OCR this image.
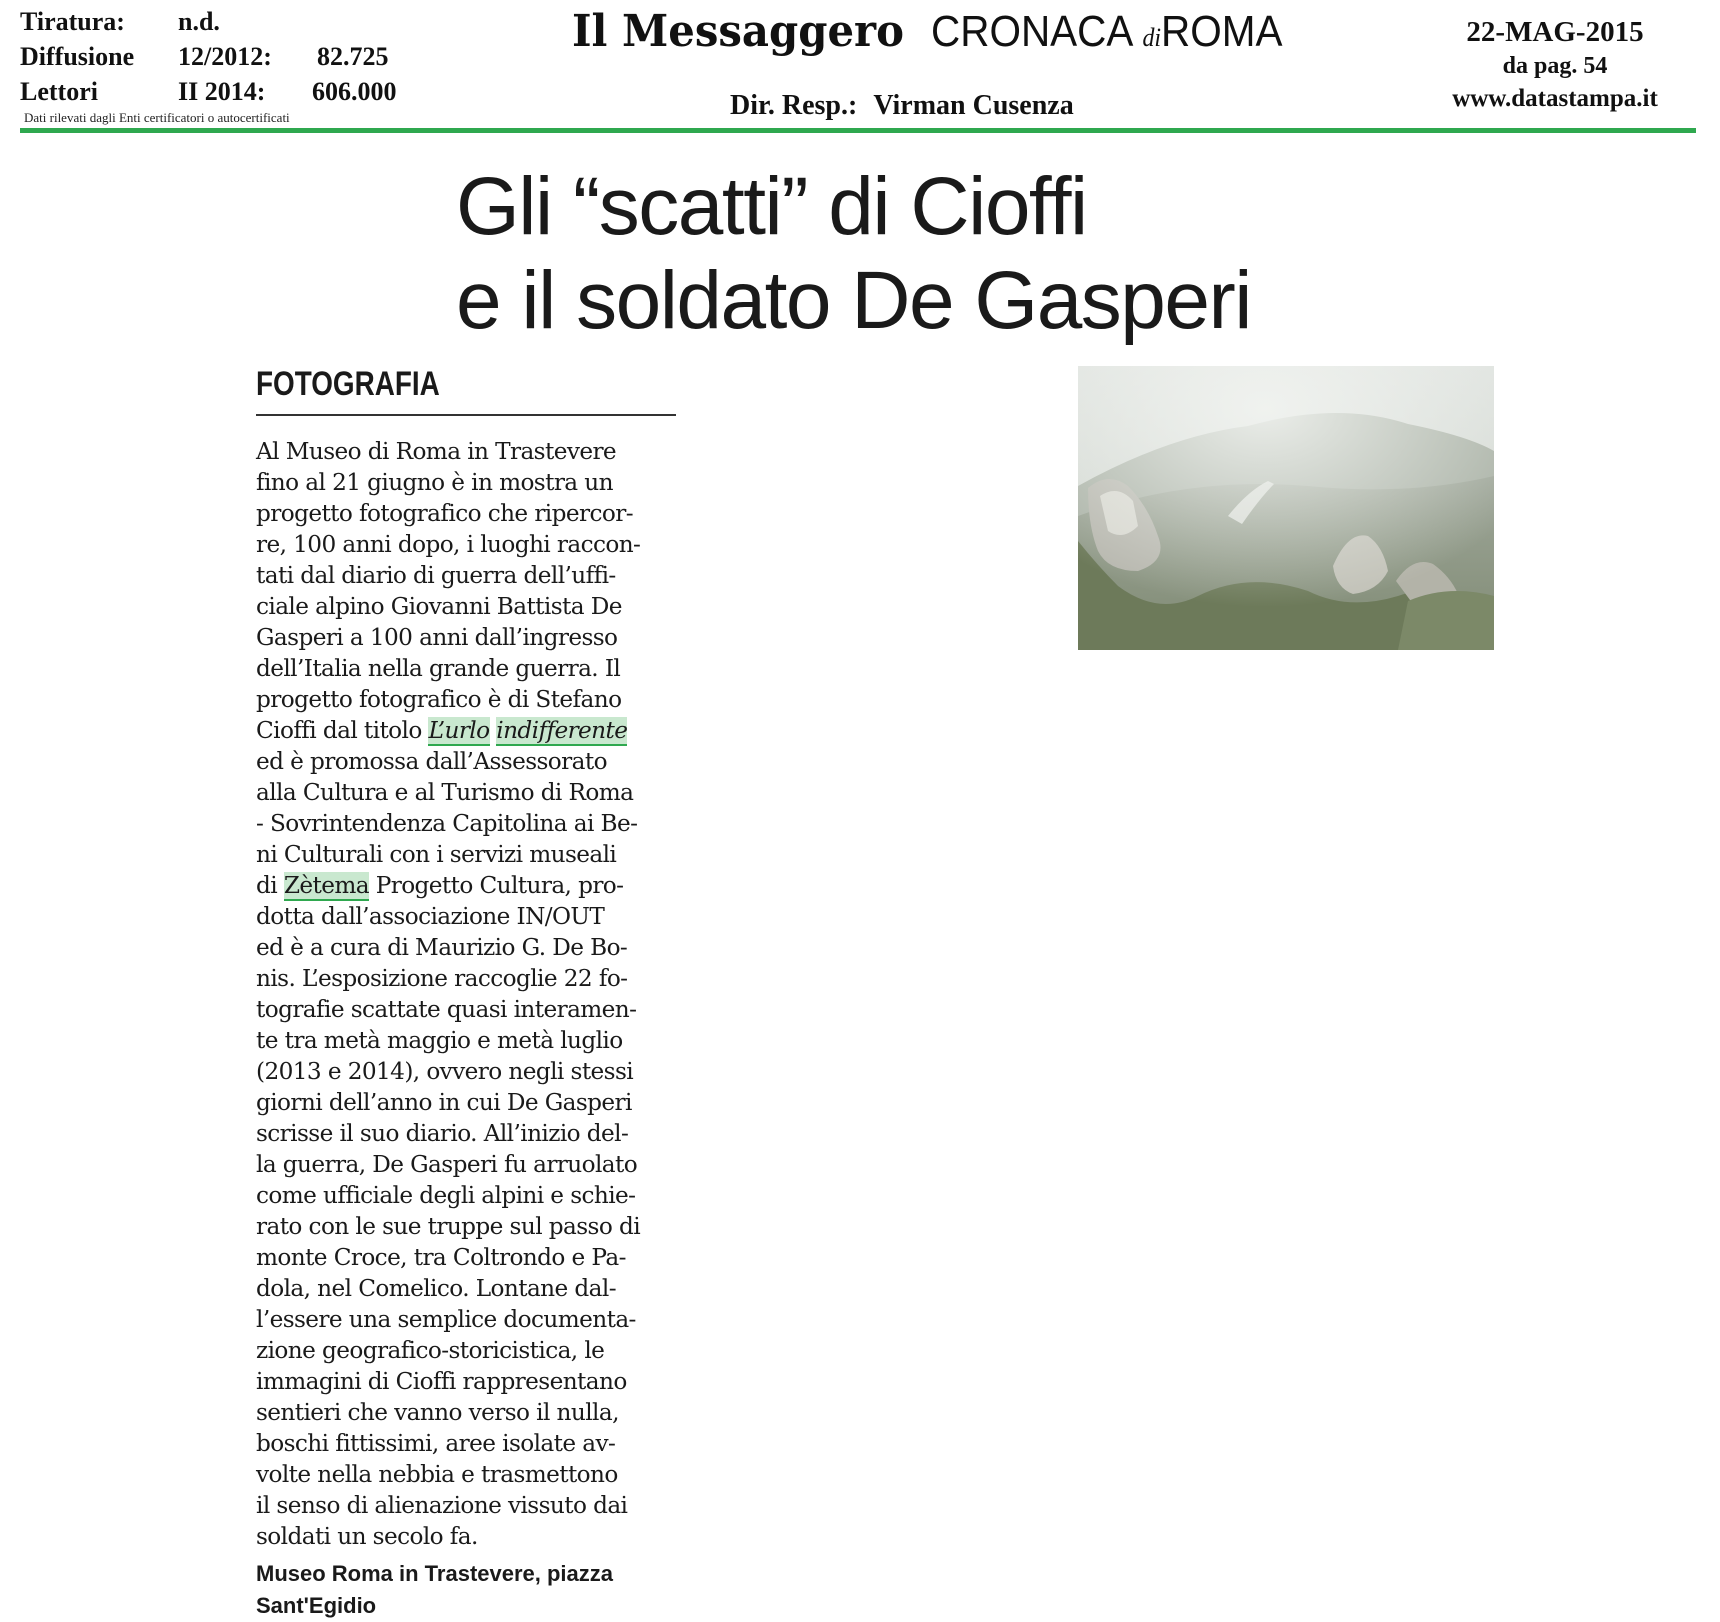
Tiratura: n.d.
Diffusione 12/2012: 82.725
Lettori	II 2014: 606.000
Dati rilevati dagli Enti certificatori o autocertificati
Il Messaggero CRONACA diROMA
Dir. Resp.: Virman Cusenza
22-MAG-2015
da pag. 54
www.datastampa.it
Gli “scatti” di Cioffi
e il soldato De Gasperi
FOTOGRAFIA
Al Museo di Roma in Trastevere
fino al 21 giugno è in mostra un
progetto fotografico che ripercor-
re, 100 anni dopo, i luoghi raccon-
tati dal diario di guerra dell’uffi-
ciale alpino Giovanni Battista De
Gasperi a 100 anni dall’ingresso
dell’Italia nella grande guerra. Il
progetto fotografico è di Stefano
Cioffi dal titolo L’urlo indifferente
ed è promossa dall’Assessorato
alla Cultura e al Turismo di Roma
- Sovrintendenza Capitolina ai Be-
ni Culturali con i servizi museali
di Zètema Progetto Cultura, pro-
dotta dall’associazione IN/OUT
ed è a cura di Maurizio G. De Bo-
nis. L’esposizione raccoglie 22 fo-
tografie scattate quasi interamen-
te tra metà maggio e metà luglio
(2013 e 2014), ovvero negli stessi
giorni dell’anno in cui De Gasperi
scrisse il suo diario. All’inizio del-
la guerra, De Gasperi fu arruolato
come ufficiale degli alpini e schie-
rato con le sue truppe sul passo di
monte Croce, tra Coltrondo e Pa-
dola, nel Comelico. Lontane dal-
l’essere una semplice documenta-
zione geografico-storicistica, le
immagini di Cioffi rappresentano
sentieri che vanno verso il nulla,
boschi fittissimi, aree isolate av-
volte nella nebbia e trasmettono
il senso di alienazione vissuto dai
soldati un secolo fa.
Museo Roma in Trastevere, piazza
Sant'Egidio
